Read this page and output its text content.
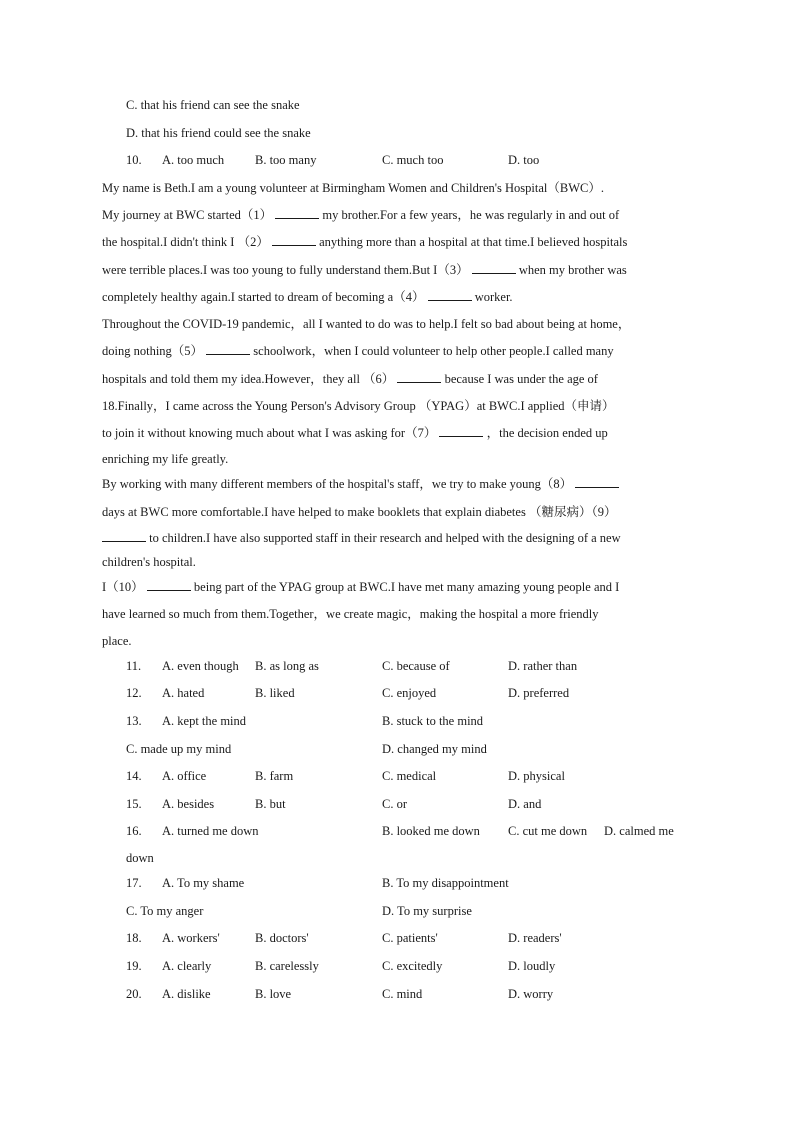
C. that his friend can see the snake
D. that his friend could see the snake
10. A. too much B. too many	C. much too	D. too
My name is Beth.I am a young volunteer at Birmingham Women and Children's Hospital（BWC）.
My journey at BWC started（1）	my brother.For a few years，he was regularly in and out of
the hospital.I didn't think I （2）	anything more than a hospital at that time.I believed hospitals
were terrible places.I was too young to fully understand them.But I（3）	when my brother was
completely healthy again.I started to dream of becoming a（4）	worker.
Throughout the COVID-19 pandemic，all I wanted to do was to help.I felt so bad about being at home，
doing nothing（5）	schoolwork，when I could volunteer to help other people.I called many
hospitals and told them my idea.However，they all （6）	because I was under the age of
18.Finally，I came across the Young Person's Advisory Group （YPAG）at BWC.I applied（申请）
to join it without knowing much about what I was asking for（7）	，the decision ended up
enriching my life greatly.
By working with many different members of the hospital's staff，we try to make young（8）
days at BWC more comfortable.I have helped to make booklets that explain diabetes （糖尿病）（9）
to children.I have also supported staff in their research and helped with the designing of a new
children's hospital.
I（10）	being part of the YPAG group at BWC.I have met many amazing young people and I
have learned so much from them.Together，we create magic，making the hospital a more friendly
place.
11. A. even though B. as long as	C. because of	D. rather than
12. A. hated	B. liked	C. enjoyed	D. preferred
13. A. kept the mind	B. stuck to the mind
C. made up my mind	D. changed my mind
14. A. office	B. farm	C. medical	D. physical
15. A. besides	B. but	C. or	D. and
16. A. turned me down	B. looked me down C. cut me down D. calmed me
down
17. A. To my shame	B. To my disappointment
C. To my anger	D. To my surprise
18. A. workers'	B. doctors'	C. patients'	D. readers'
19. A. clearly	B. carelessly	C. excitedly	D. loudly
20. A. dislike	B. love	C. mind	D. worry
